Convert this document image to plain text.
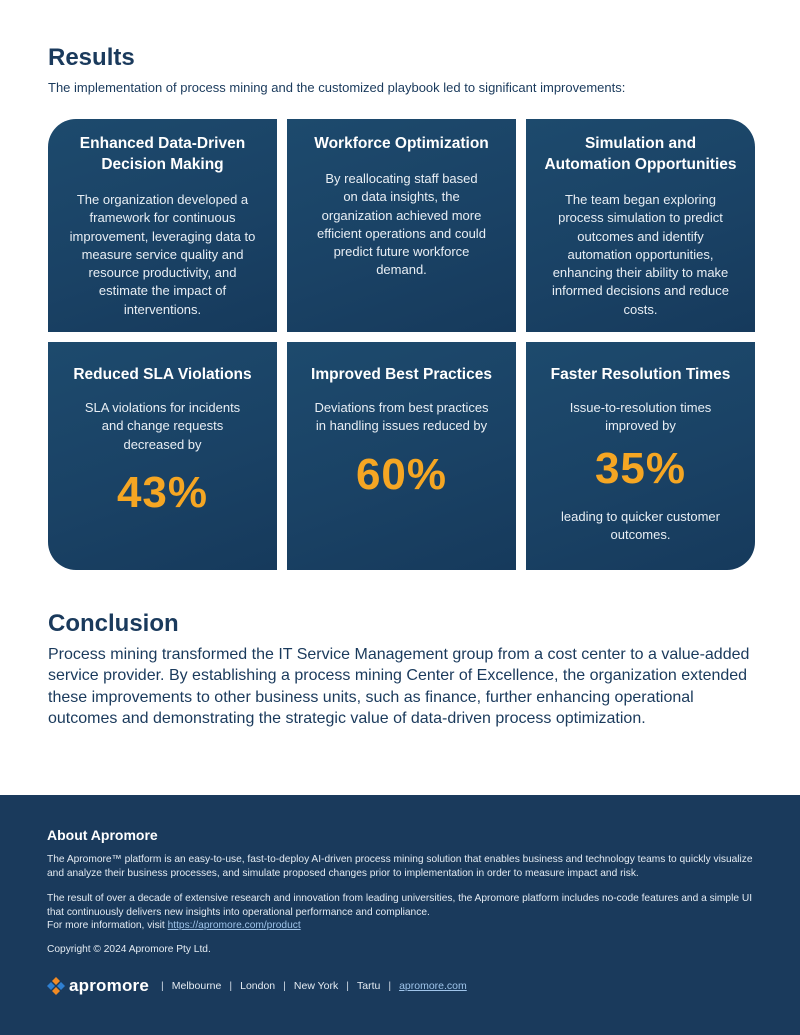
Results

The implementation of process mining and the customized playbook led to significant improvements:

Enhanced Data-Driven
Decision Making

The organization developed a framework for continuous improvement, leveraging data to measure service quality and resource productivity, and estimate the impact of interventions.

Workforce Optimization

By reallocating staff based on data insights, the organization achieved more efficient operations and could predict future workforce demand.

Simulation and
Automation Opportunities

The team began exploring process simulation to predict outcomes and identify automation opportunities, enhancing their ability to make informed decisions and reduce costs.

Reduced SLA Violations

SLA violations for incidents and change requests decreased by

43%
Improved Best Practices

Deviations from best practices in handling issues reduced by

60%
Faster Resolution Times

Issue-to-resolution times improved by

35%

leading to quicker customer outcomes.

Conclusion

Process mining transformed the IT Service Management group from a cost center to a value-added service provider. By establishing a process mining Center of Excellence, the organization extended these improvements to other business units, such as finance, further enhancing operational outcomes and demonstrating the strategic value of data-driven process optimization.

About Apromore

The Apromore™ platform is an easy-to-use, fast-to-deploy AI-driven process mining solution that enables business and technology teams to quickly visualize and analyze their business processes, and simulate proposed changes prior to implementation in order to measure impact and risk.

The result of over a decade of extensive research and innovation from leading universities, the Apromore platform includes no-code features and a simple UI that continuously delivers new insights into operational performance and compliance.
For more information, visit https://apromore.com/product

Copyright © 2024 Apromore Pty Ltd.

apromore | Melbourne | London | New York | Tartu | apromore.com
